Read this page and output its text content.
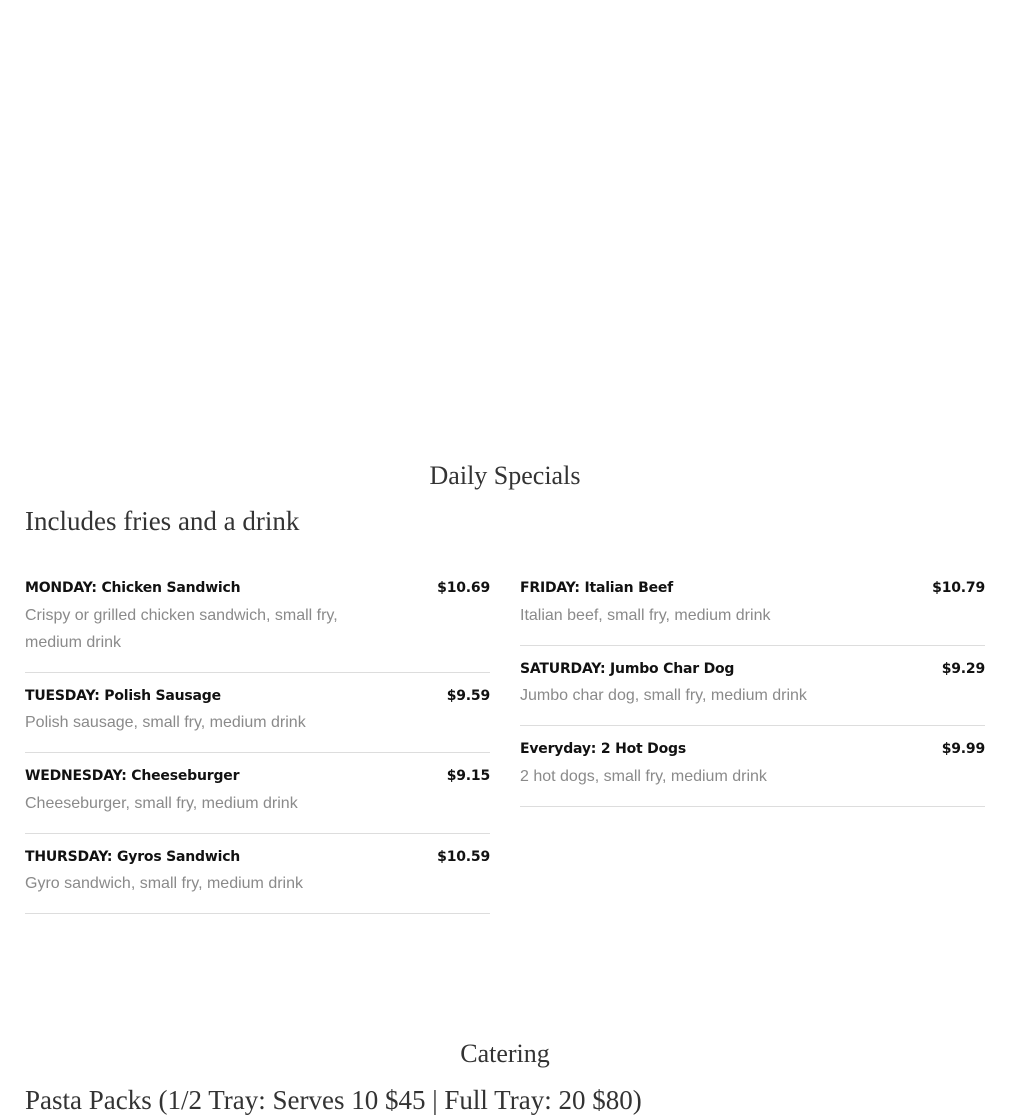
Daily Specials
Includes fries and a drink
MONDAY: Chicken Sandwich	$10.69
Crispy or grilled chicken sandwich, small fry, medium drink
TUESDAY: Polish Sausage	$9.59
Polish sausage, small fry, medium drink
WEDNESDAY: Cheeseburger	$9.15
Cheeseburger, small fry, medium drink
THURSDAY: Gyros Sandwich	$10.59
Gyro sandwich, small fry, medium drink
FRIDAY: Italian Beef	$10.79
Italian beef, small fry, medium drink
SATURDAY: Jumbo Char Dog	$9.29
Jumbo char dog, small fry, medium drink
Everyday: 2 Hot Dogs	$9.99
2 hot dogs, small fry, medium drink
Catering
Pasta Packs (1/2 Tray: Serves 10 $45 | Full Tray: 20 $80)
